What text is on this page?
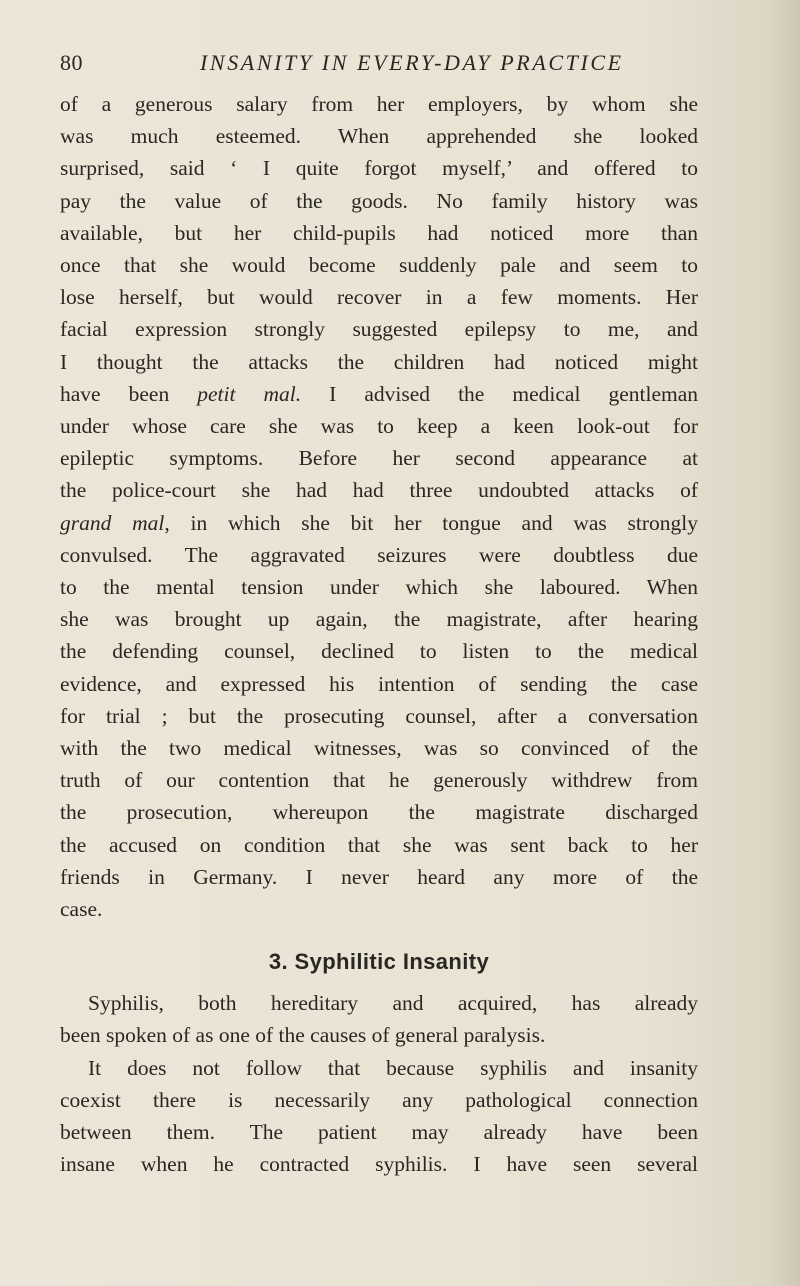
80	INSANITY IN EVERY-DAY PRACTICE

of a generous salary from her employers, by whom she
was much esteemed. When apprehended she looked
surprised, said ‘ I quite forgot myself,’ and offered to
pay the value of the goods. No family history was
available, but her child-pupils had noticed more than
once that she would become suddenly pale and seem to
lose herself, but would recover in a few moments. Her
facial expression strongly suggested epilepsy to me, and
I thought the attacks the children had noticed might
have been petit mal. I advised the medical gentleman
under whose care she was to keep a keen look-out for
epileptic symptoms. Before her second appearance at
the police-court she had had three undoubted attacks of
grand mal, in which she bit her tongue and was strongly
convulsed. The aggravated seizures were doubtless due
to the mental tension under which she laboured. When
she was brought up again, the magistrate, after hearing
the defending counsel, declined to listen to the medical
evidence, and expressed his intention of sending the case
for trial ; but the prosecuting counsel, after a conversation
with the two medical witnesses, was so convinced of the
truth of our contention that he generously withdrew from
the prosecution, whereupon the magistrate discharged
the accused on condition that she was sent back to her
friends in Germany. I never heard any more of the
case.

3. Syphilitic Insanity

Syphilis, both hereditary and acquired, has already
been spoken of as one of the causes of general paralysis.

It does not follow that because syphilis and insanity
coexist there is necessarily any pathological connection
between them. The patient may already have been
insane when he contracted syphilis. I have seen several
